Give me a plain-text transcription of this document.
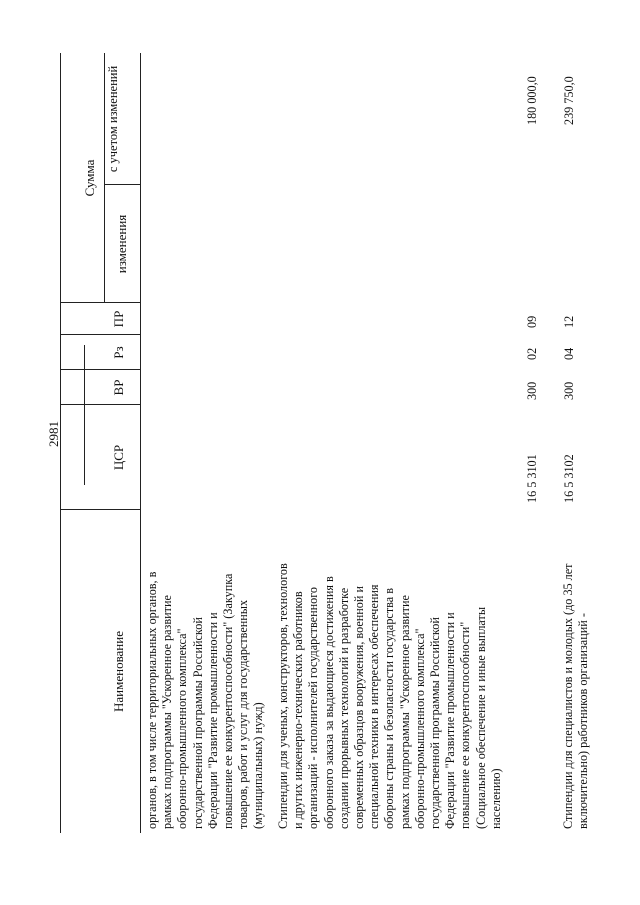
2981
Наименование
ЦСР
ВР
Рз
ПР
Сумма
изменения
с учетом изменений
органов, в том числе территориальных органов, в рамках подпрограммы "Ускоренное развитие оборонно-промышленного комплекса" государственной программы Российской Федерации "Развитие промышленности и повышение ее конкурентоспособности" (Закупка товаров, работ и услуг для государственных (муниципальных) нужд) Стипендии для ученых, конструкторов, технологов и других инженерно-технических работников организаций - исполнителей государственного оборонного заказа за выдающиеся достижения в создании прорывных технологий и разработке современных образцов вооружения, военной и специальной техники в интересах обеспечения обороны страны и безопасности государства в рамках подпрограммы "Ускоренное развитие оборонно-промышленного комплекса" государственной программы Российской Федерации "Развитие промышленности и повышение ее конкурентоспособности" (Социальное обеспечение и иные выплаты населению)
16 5 3101
300
02
09
180 000,0
Стипендии для специалистов и молодых (до 35 лет включительно) работников организаций -
16 5 3102
300
04
12
239 750,0
